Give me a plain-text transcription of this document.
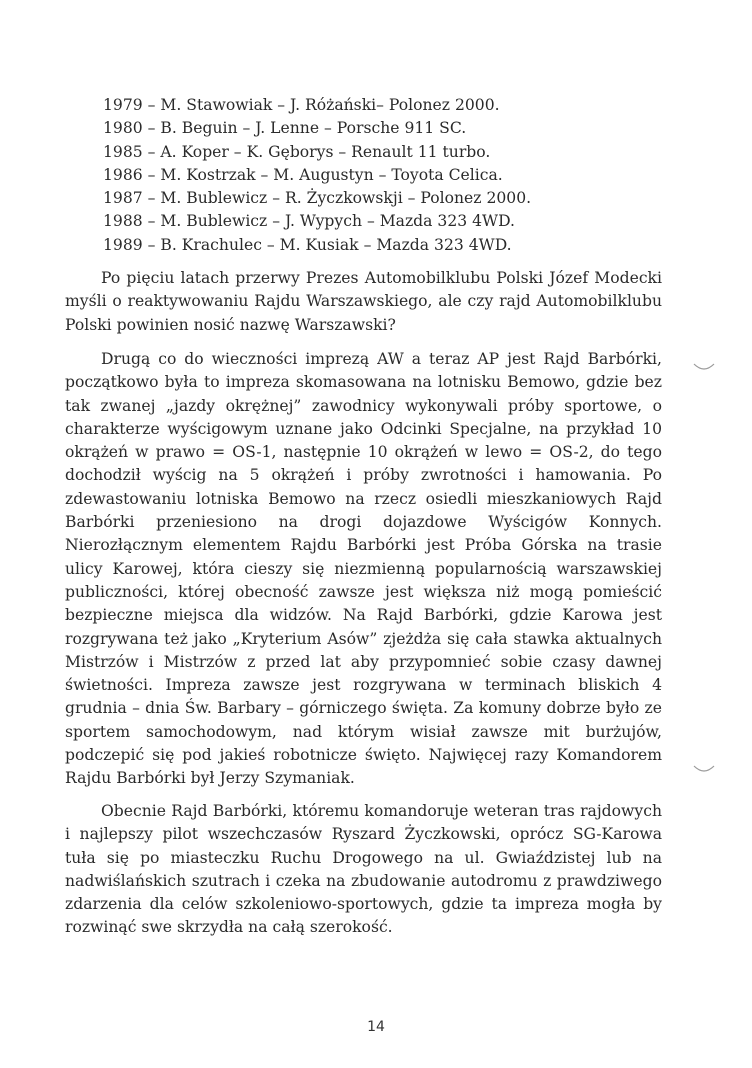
1979 – M. Stawowiak – J. Różański– Polonez 2000.
1980 – B. Beguin – J. Lenne – Porsche 911 SC.
1985 – A. Koper – K. Gęborys – Renault 11 turbo.
1986 – M. Kostrzak – M. Augustyn – Toyota Celica.
1987 – M. Bublewicz – R. Życzkowskji – Polonez 2000.
1988 – M. Bublewicz – J. Wypych – Mazda 323 4WD.
1989 – B. Krachulec – M. Kusiak – Mazda 323 4WD.

Po pięciu latach przerwy Prezes Automobilklubu Polski Józef Modecki myśli o reaktywowaniu Rajdu Warszawskiego, ale czy rajd Automobilklubu Polski powinien nosić nazwę Warszawski?

Drugą co do wieczności imprezą AW a teraz AP jest Rajd Barbórki, początkowo była to impreza skomasowana na lotnisku Bemowo, gdzie bez tak zwanej „jazdy okrężnej” zawodnicy wykonywali próby sportowe, o charakterze wyścigowym uznane jako Odcinki Specjalne, na przykład 10 okrążeń w prawo = OS-1, następnie 10 okrążeń w lewo = OS-2, do tego dochodził wyścig na 5 okrążeń i próby zwrotności i hamowania. Po zdewastowaniu lotniska Bemowo na rzecz osiedli mieszkaniowych Rajd Barbórki przeniesiono na drogi dojazdowe Wyścigów Konnych. Nierozłącznym elementem Rajdu Barbórki jest Próba Górska na trasie ulicy Karowej, która cieszy się niezmienną popularnością warszawskiej publiczności, której obecność zawsze jest większa niż mogą pomieścić bezpieczne miejsca dla widzów. Na Rajd Barbórki, gdzie Karowa jest rozgrywana też jako „Kryterium Asów” zjeżdża się cała stawka aktualnych Mistrzów i Mistrzów z przed lat aby przypomnieć sobie czasy dawnej świetności. Impreza zawsze jest rozgrywana w terminach bliskich 4 grudnia – dnia Św. Barbary – górniczego święta. Za komuny dobrze było ze sportem samochodowym, nad którym wisiał zawsze mit burżujów, podczepić się pod jakieś robotnicze święto. Najwięcej razy Komandorem Rajdu Barbórki był Jerzy Szymaniak.

Obecnie Rajd Barbórki, któremu komandoruje weteran tras rajdowych i najlepszy pilot wszechczasów Ryszard Życzkowski, oprócz SG-Karowa tuła się po miasteczku Ruchu Drogowego na ul. Gwiaździstej lub na nadwiślańskich szutrach i czeka na zbudowanie autodromu z prawdziwego zdarzenia dla celów szkoleniowo-sportowych, gdzie ta impreza mogła by rozwinąć swe skrzydła na całą szerokość.

14
